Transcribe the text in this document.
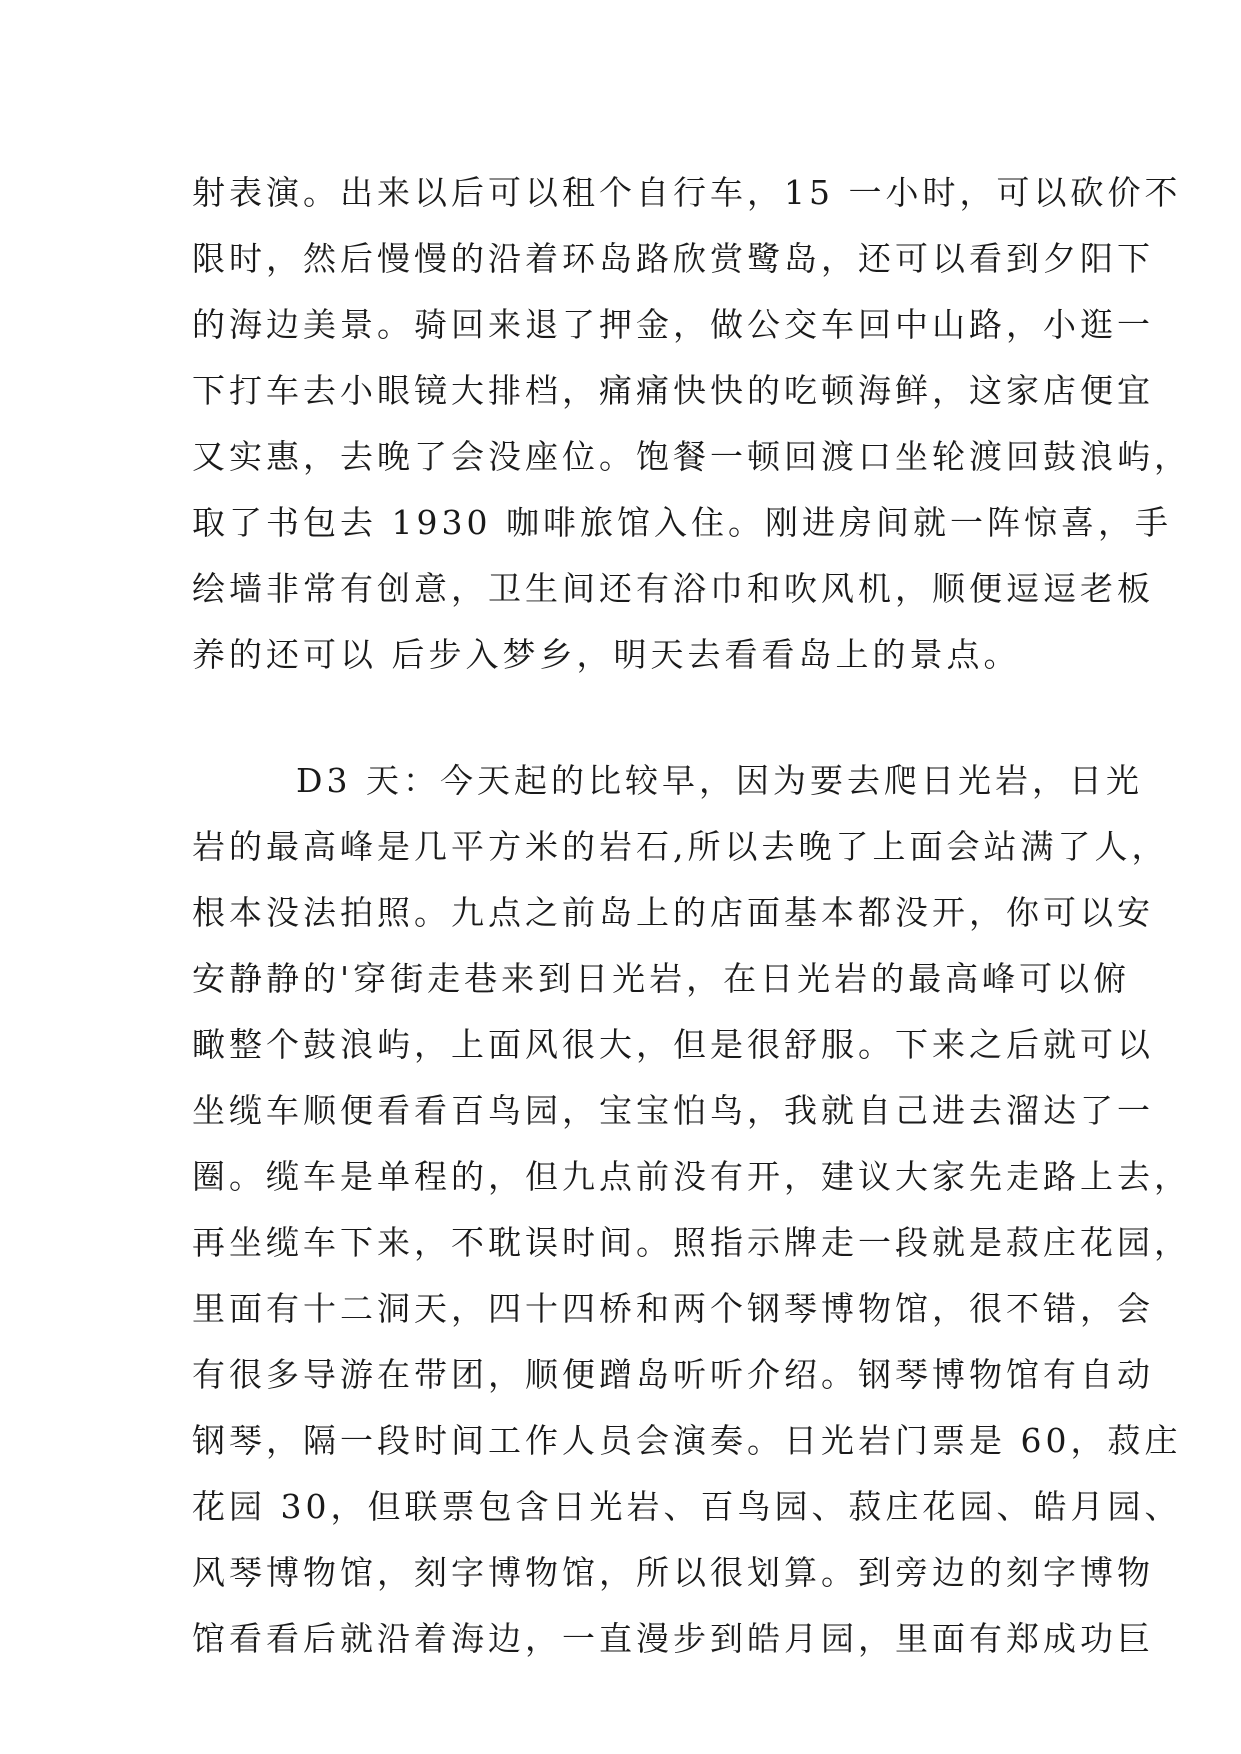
射表演。出来以后可以租个自行车，15 一小时，可以砍价不
限时，然后慢慢的沿着环岛路欣赏鹭岛，还可以看到夕阳下
的海边美景。骑回来退了押金，做公交车回中山路，小逛一
下打车去小眼镜大排档，痛痛快快的吃顿海鲜，这家店便宜
又实惠，去晚了会没座位。饱餐一顿回渡口坐轮渡回鼓浪屿，
取了书包去 1930 咖啡旅馆入住。刚进房间就一阵惊喜，手
绘墙非常有创意，卫生间还有浴巾和吹风机，顺便逗逗老板
养的还可以 后步入梦乡，明天去看看岛上的景点。
D3 天：今天起的比较早，因为要去爬日光岩，日光
岩的最高峰是几平方米的岩石,所以去晚了上面会站满了人，
根本没法拍照。九点之前岛上的店面基本都没开，你可以安
安静静的'穿街走巷来到日光岩，在日光岩的最高峰可以俯
瞰整个鼓浪屿，上面风很大，但是很舒服。下来之后就可以
坐缆车顺便看看百鸟园，宝宝怕鸟，我就自己进去溜达了一
圈。缆车是单程的，但九点前没有开，建议大家先走路上去，
再坐缆车下来，不耽误时间。照指示牌走一段就是菽庄花园，
里面有十二洞天，四十四桥和两个钢琴博物馆，很不错，会
有很多导游在带团，顺便蹭岛听听介绍。钢琴博物馆有自动
钢琴，隔一段时间工作人员会演奏。日光岩门票是 60，菽庄
花园 30，但联票包含日光岩、百鸟园、菽庄花园、皓月园、
风琴博物馆，刻字博物馆，所以很划算。到旁边的刻字博物
馆看看后就沿着海边，一直漫步到皓月园，里面有郑成功巨
